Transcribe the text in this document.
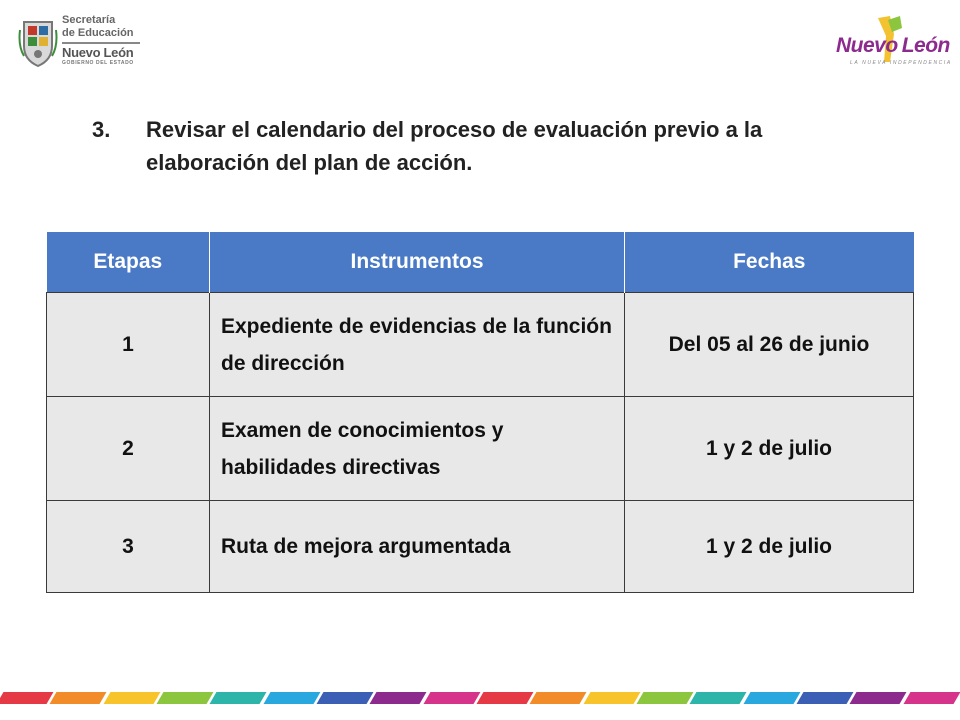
Secretaría
de Educación
Nuevo León
GOBIERNO DEL ESTADO
Nuevo León
LA NUEVA INDEPENDENCIA
3. Revisar el calendario del proceso de evaluación previo a la elaboración del plan de acción.
Etapas	Instrumentos	Fechas
1	Expediente de evidencias de la función de dirección	Del 05 al 26 de junio
2	Examen de conocimientos y habilidades directivas	1 y 2 de julio
3	Ruta de mejora argumentada	1 y 2 de julio
